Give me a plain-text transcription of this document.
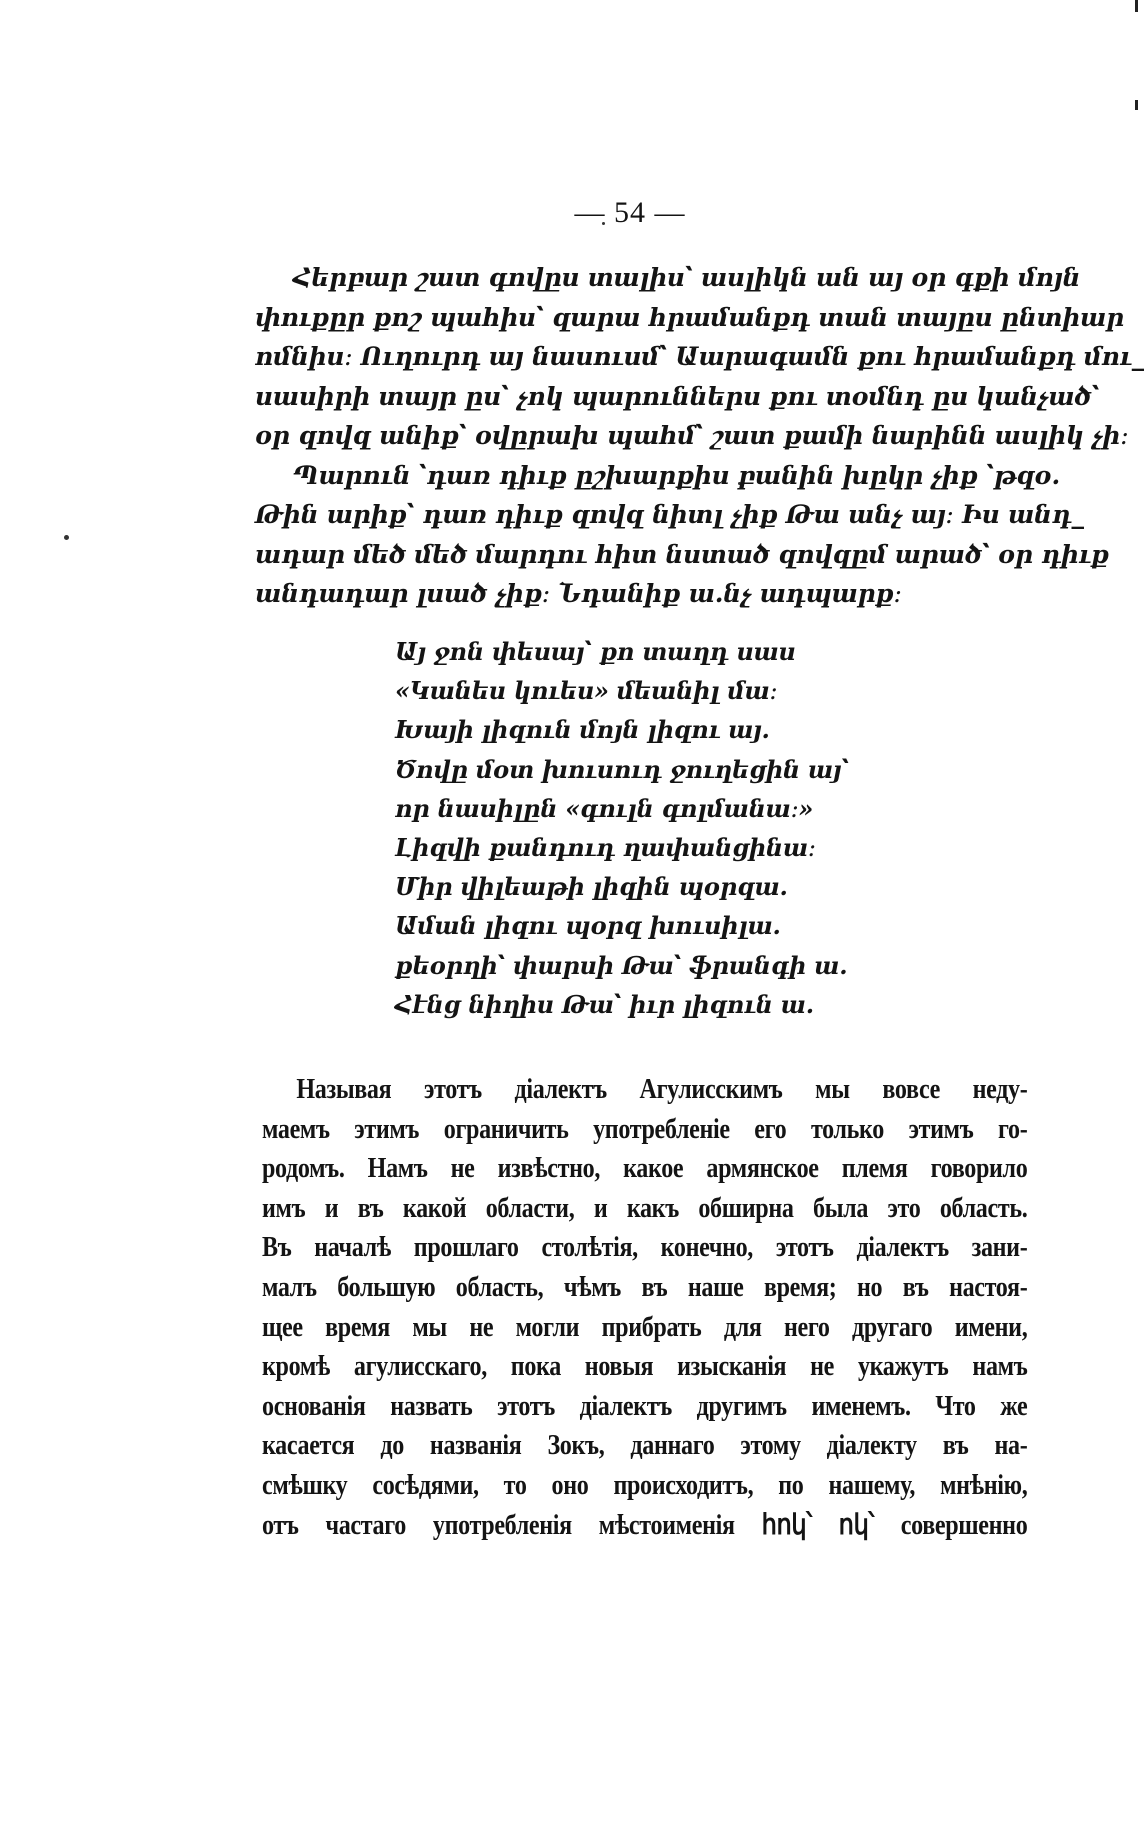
— 54 —
Հերբար շատ գովըս տալիս՝ ասլիկն ան այ օր գքի մոյն
փուքըր քոշ պահիս՝ զարա հրամանքդ տան տայըս ընտիար
ոմնիս։ Ուղուրդ այ նասուսմ՝ Աարագամն քու հրամանքդ մու_
սասիրի տայր ըս՝ չոկ պարուններս քու տօմնդ ըս կանչած՝
օր զովզ անիք՝ օվըրախ պահմ՝ շատ քամի նարինն ասլիկ չի։
Պարուն ՝դառ դիւք ըշխարքիս բանին խըկր չիք ՝թզօ.
Թին արիք՝ դառ դիւք զովզ նիտլ չիք Թա անչ այ։ Իս անդ_
ադար մեծ մեծ մարդու հիտ նստած զովզըմ արած՝ օր դիւք
անդադար լսած չիք։ Նդանիք ա․նչ ադպարք։
Այ ջոն փեսայ՝ քո տաղդ սաս
«Կանես կուես» մեանիլ մա։
Խայի լիզուն մոյն լիզու այ.
Ծովը մօտ խուսուդ ջուղեցին այ՝
որ նասիլըն «գուլն գոլմանա։»
Լիզվի քանդուդ ղափանցինա։
Միր վիլեաթի լիզին պօրզա.
Աման լիզու պօրզ խուսիլա.
քեօրղի՝ փարսի Թա՝ ֆրանգի ա.
Հէնց նիղիս Թա՝ իւր լիզուն ա.
Называя этотъ діалектъ Агулисскимъ мы вовсе неду-
маемъ этимъ ограничить употребленіе его только этимъ го-
родомъ. Намъ не извѣстно, какое армянское племя говорило
имъ и въ какой области, и какъ обширна была это область.
Въ началѣ прошлаго столѣтія, конечно, этотъ діалектъ зани-
малъ большую область, чѣмъ въ наше время; но въ настоя-
щее время мы не могли прибрать для него другаго имени,
кромѣ агулисскаго, пока новыя изысканія не укажутъ намъ
основанія назвать этотъ діалектъ другимъ именемъ. Что же
касается до названія Зокъ, даннаго этому діалекту въ на-
смѣшку сосѣдями, то оно происходитъ, по нашему, мнѣнію,
отъ частаго употребленія мѣстоименія հոկ՝ ոկ՝ совершенно
